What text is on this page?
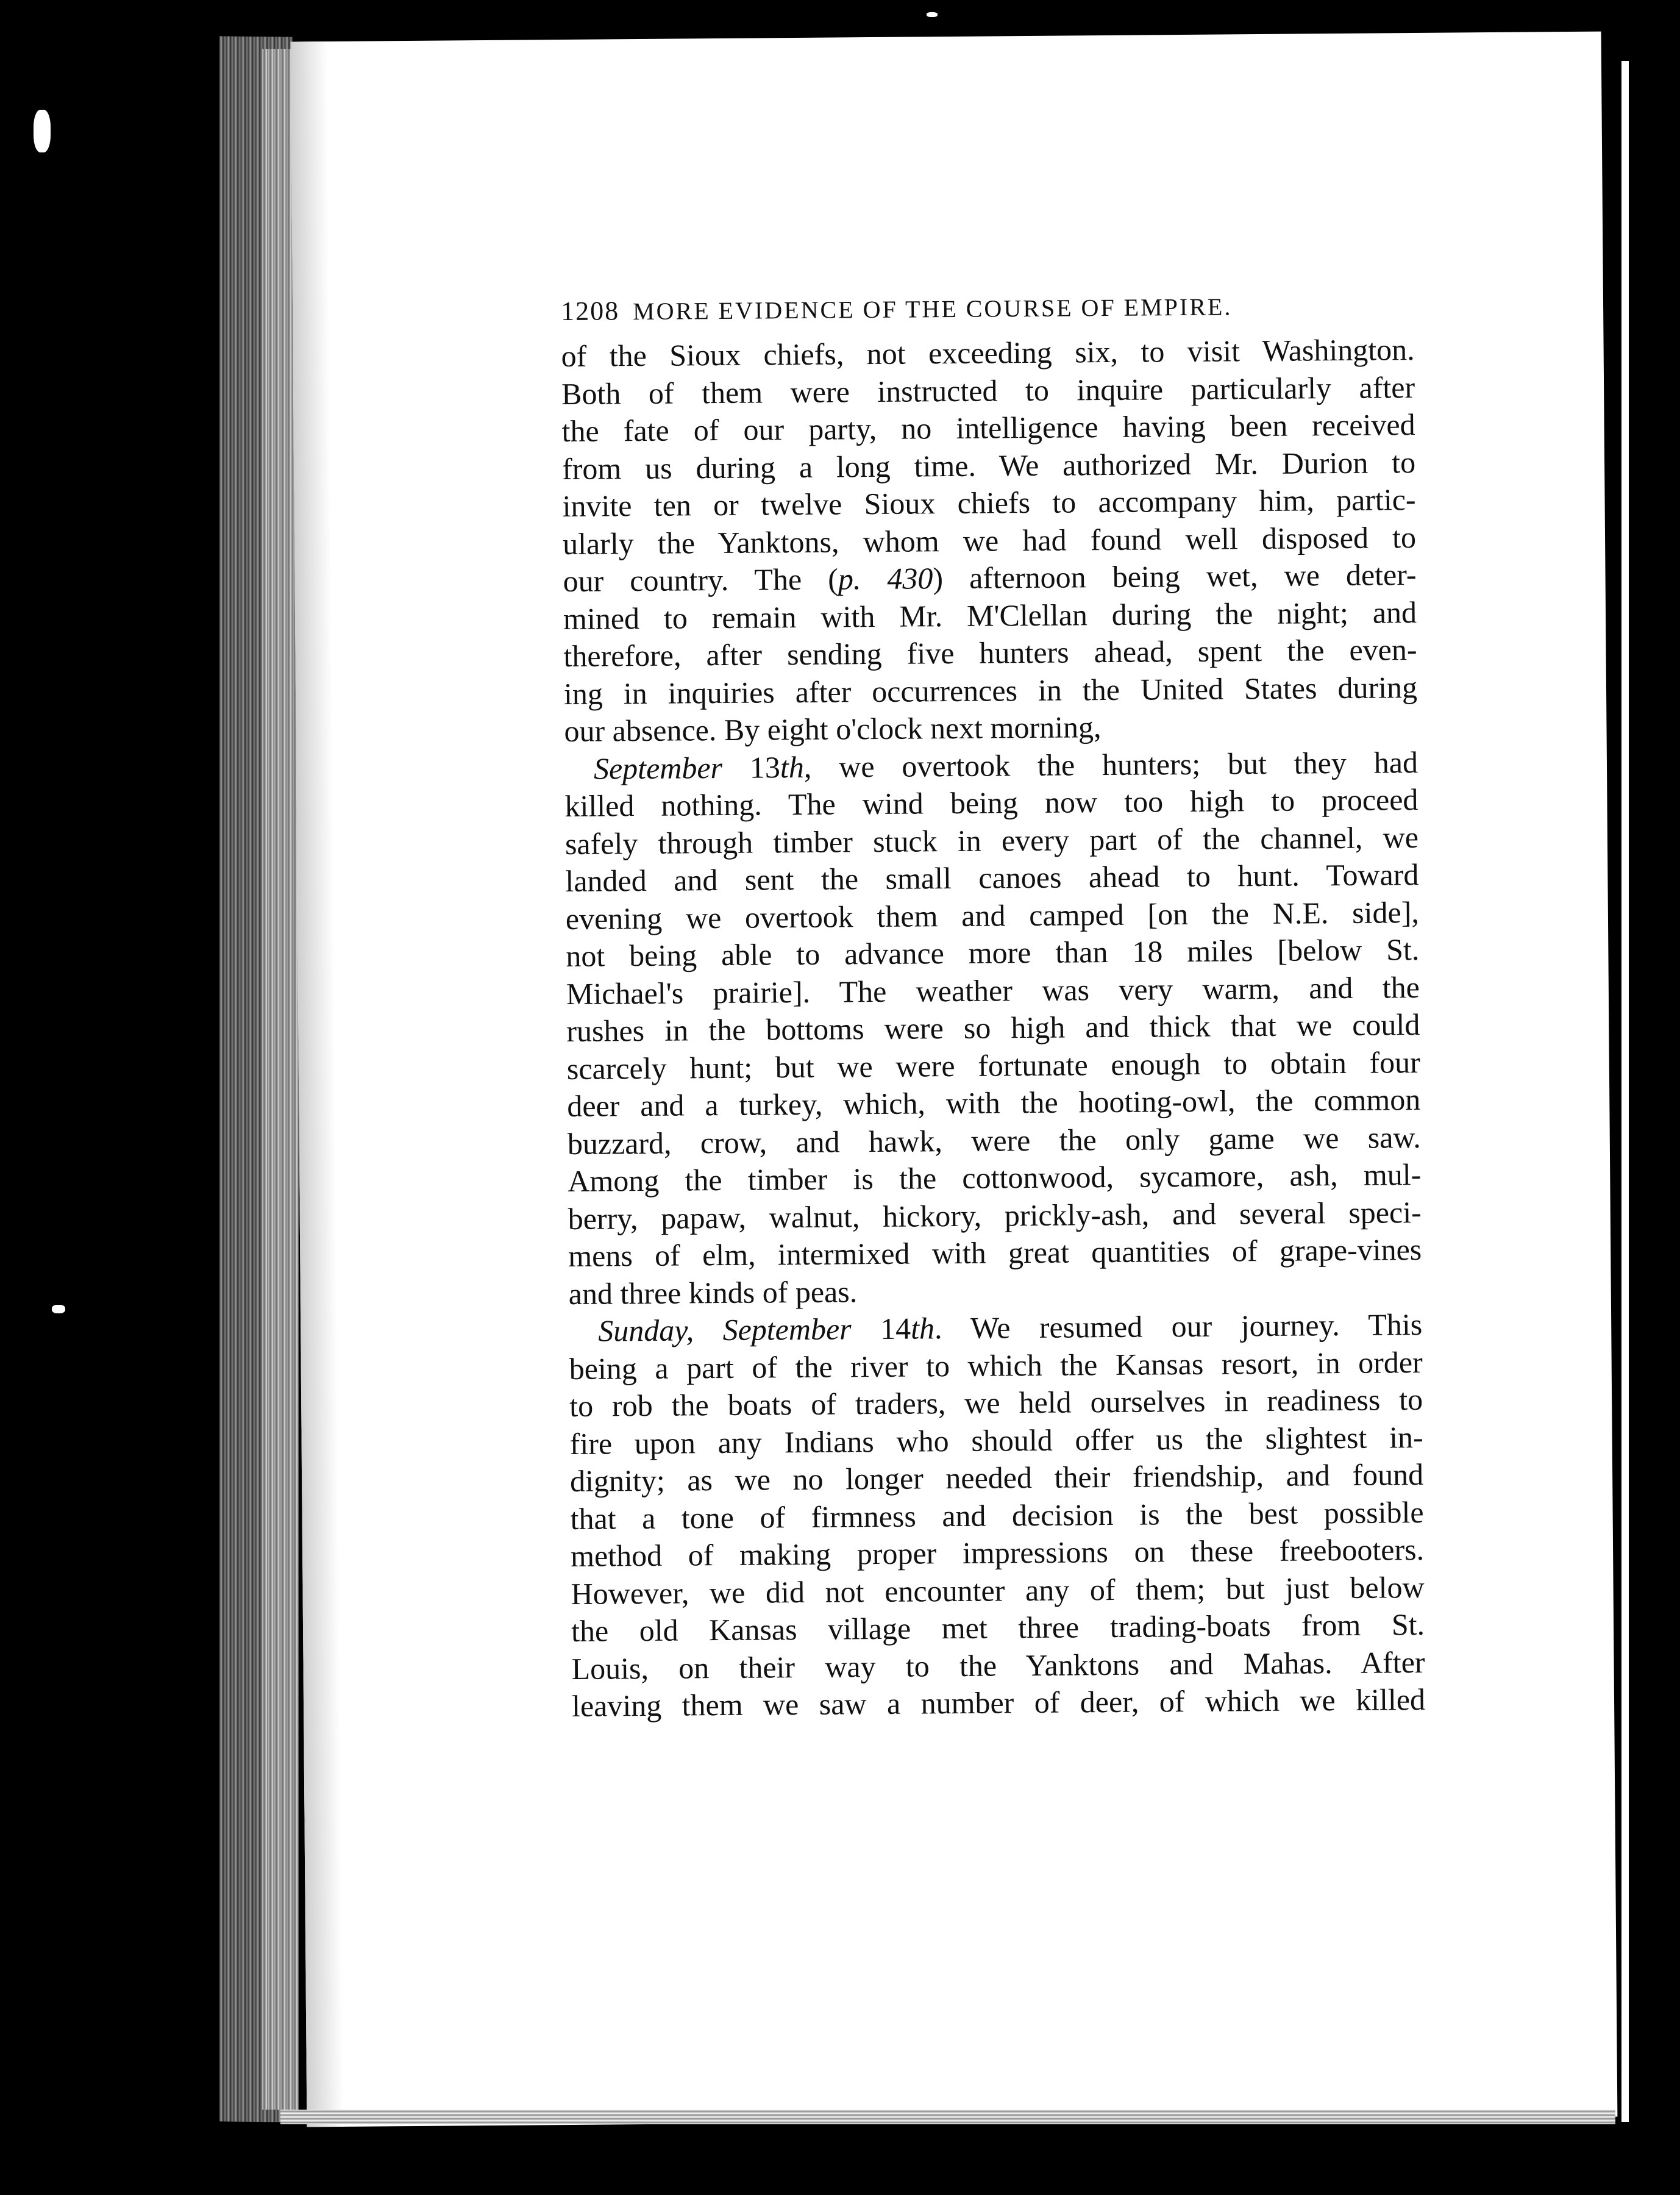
1208 MORE EVIDENCE OF THE COURSE OF EMPIRE.
of the Sioux chiefs, not exceeding six, to visit Washington.
Both of them were instructed to inquire particularly after
the fate of our party, no intelligence having been received
from us during a long time. We authorized Mr. Durion to
invite ten or twelve Sioux chiefs to accompany him, partic-
ularly the Yanktons, whom we had found well disposed to
our country. The (p. 430) afternoon being wet, we deter-
mined to remain with Mr. M'Clellan during the night; and
therefore, after sending five hunters ahead, spent the even-
ing in inquiries after occurrences in the United States during
our absence. By eight o'clock next morning,
September 13th, we overtook the hunters; but they had
killed nothing. The wind being now too high to proceed
safely through timber stuck in every part of the channel, we
landed and sent the small canoes ahead to hunt. Toward
evening we overtook them and camped [on the N.E. side],
not being able to advance more than 18 miles [below St.
Michael's prairie]. The weather was very warm, and the
rushes in the bottoms were so high and thick that we could
scarcely hunt; but we were fortunate enough to obtain four
deer and a turkey, which, with the hooting-owl, the common
buzzard, crow, and hawk, were the only game we saw.
Among the timber is the cottonwood, sycamore, ash, mul-
berry, papaw, walnut, hickory, prickly-ash, and several speci-
mens of elm, intermixed with great quantities of grape-vines
and three kinds of peas.
Sunday, September 14th. We resumed our journey. This
being a part of the river to which the Kansas resort, in order
to rob the boats of traders, we held ourselves in readiness to
fire upon any Indians who should offer us the slightest in-
dignity; as we no longer needed their friendship, and found
that a tone of firmness and decision is the best possible
method of making proper impressions on these freebooters.
However, we did not encounter any of them; but just below
the old Kansas village met three trading-boats from St.
Louis, on their way to the Yanktons and Mahas. After
leaving them we saw a number of deer, of which we killed
